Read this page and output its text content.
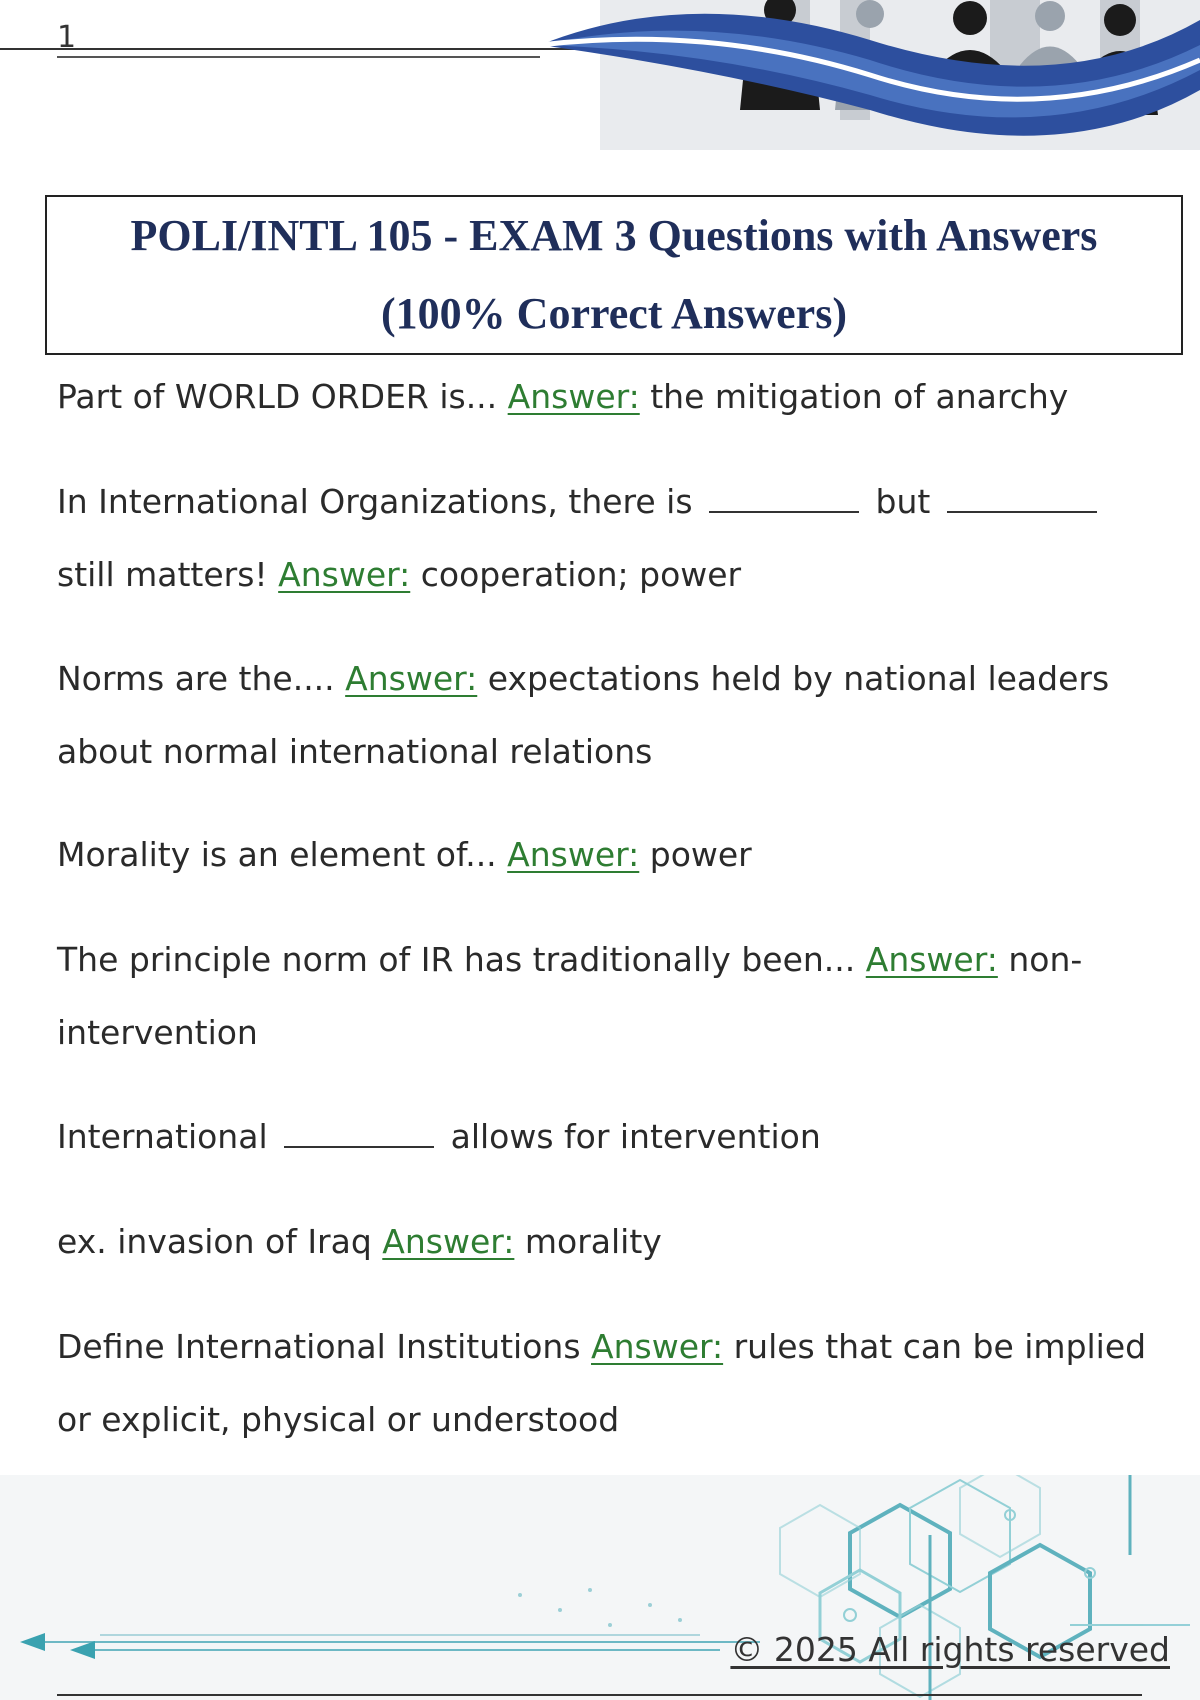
1
POLI/INTL 105 - EXAM 3 Questions with Answers
(100% Correct Answers)
Part of WORLD ORDER is... Answer: the mitigation of anarchy
In International Organizations, there is	but  still matters! Answer: cooperation; power
Norms are the.... Answer: expectations held by national leaders about normal international relations
Morality is an element of... Answer: power
The principle norm of IR has traditionally been... Answer: non-intervention
International	allows for intervention
ex. invasion of Iraq Answer: morality
Define International Institutions Answer: rules that can be implied or explicit, physical or understood
© 2025 All rights reserved
